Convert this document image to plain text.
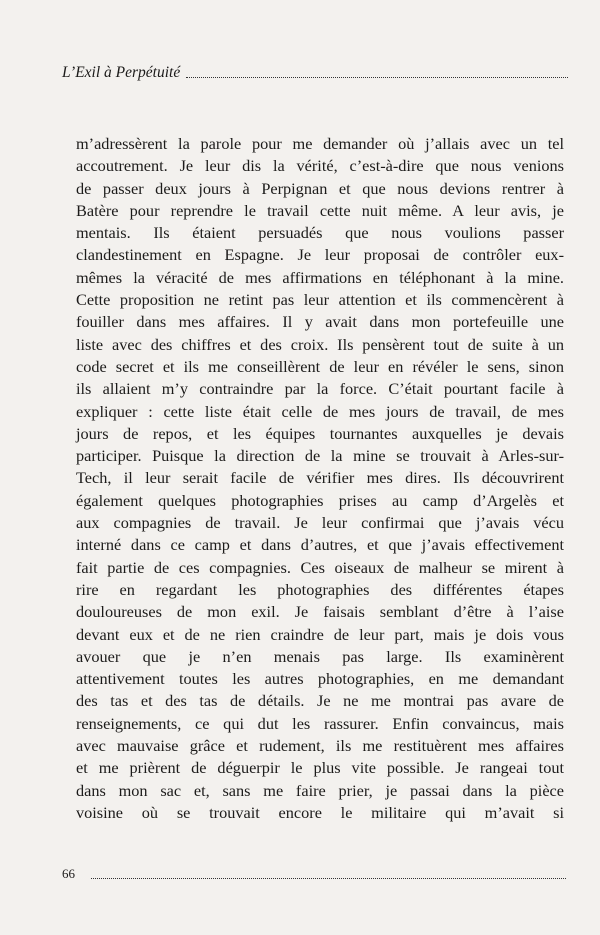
L’Exil à Perpétuité
m’adressèrent la parole pour me demander où j’allais avec un tel
accoutrement. Je leur dis la vérité, c’est-à-dire que nous venions
de passer deux jours à Perpignan et que nous devions rentrer à
Batère pour reprendre le travail cette nuit même. A leur avis, je
mentais. Ils étaient persuadés que nous voulions passer
clandestinement en Espagne. Je leur proposai de contrôler eux-
mêmes la véracité de mes affirmations en téléphonant à la mine.
Cette proposition ne retint pas leur attention et ils commencèrent à
fouiller dans mes affaires. Il y avait dans mon portefeuille une
liste avec des chiffres et des croix. Ils pensèrent tout de suite à un
code secret et ils me conseillèrent de leur en révéler le sens, sinon
ils allaient m’y contraindre par la force. C’était pourtant facile à
expliquer : cette liste était celle de mes jours de travail, de mes
jours de repos, et les équipes tournantes auxquelles je devais
participer. Puisque la direction de la mine se trouvait à Arles-sur-
Tech, il leur serait facile de vérifier mes dires. Ils découvrirent
également quelques photographies prises au camp d’Argelès et
aux compagnies de travail. Je leur confirmai que j’avais vécu
interné dans ce camp et dans d’autres, et que j’avais effectivement
fait partie de ces compagnies. Ces oiseaux de malheur se mirent à
rire en regardant les photographies des différentes étapes
douloureuses de mon exil. Je faisais semblant d’être à l’aise
devant eux et de ne rien craindre de leur part, mais je dois vous
avouer que je n’en menais pas large. Ils examinèrent
attentivement toutes les autres photographies, en me demandant
des tas et des tas de détails. Je ne me montrai pas avare de
renseignements, ce qui dut les rassurer. Enfin convaincus, mais
avec mauvaise grâce et rudement, ils me restituèrent mes affaires
et me prièrent de déguerpir le plus vite possible. Je rangeai tout
dans mon sac et, sans me faire prier, je passai dans la pièce
voisine où se trouvait encore le militaire qui m’avait si
66
